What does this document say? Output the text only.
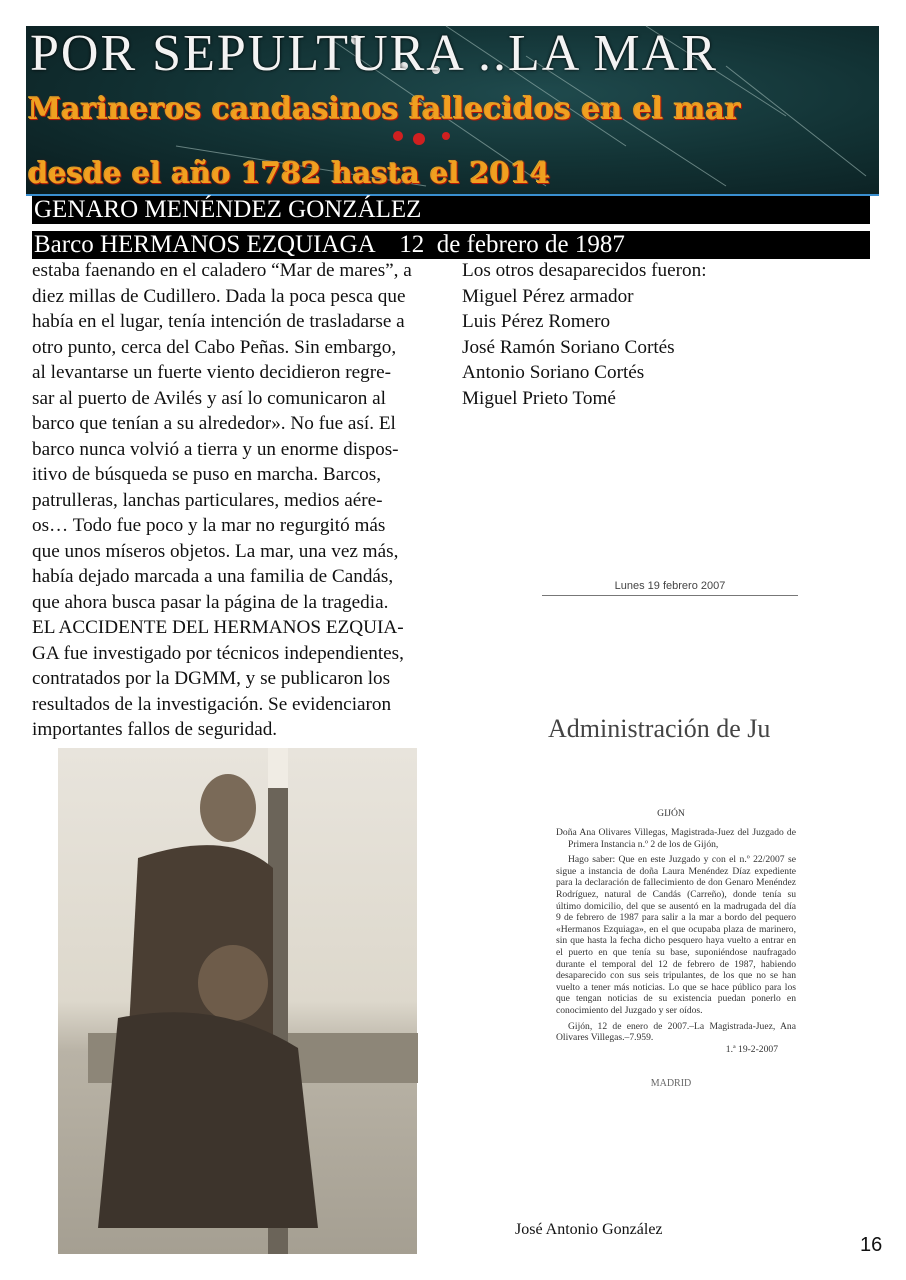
POR SEPULTURA ..LA MAR
Marineros candasinos fallecidos en el mar
desde el año 1782 hasta el 2014
GENARO MENÉNDEZ GONZÁLEZ
Barco HERMANOS EZQUIAGA    12  de febrero de 1987
estaba faenando en el caladero “Mar de mares”, a
diez millas de Cudillero. Dada la poca pesca que
había en el lugar, tenía intención de trasladarse a
otro punto, cerca del Cabo Peñas. Sin embargo,
al levantarse un fuerte viento decidieron regre-
sar al puerto de Avilés y así lo comunicaron al
barco que tenían a su alrededor». No fue así. El
barco nunca volvió a tierra y un enorme dispos-
itivo de búsqueda se puso en marcha. Barcos,
patrulleras, lanchas particulares, medios aére-
os… Todo fue poco y la mar no regurgitó más
que unos míseros objetos. La mar, una vez más,
había dejado marcada a una familia de Candás,
que ahora busca pasar la página de la tragedia.
EL ACCIDENTE DEL HERMANOS EZQUIA-
GA fue investigado por técnicos independientes,
contratados por la DGMM, y se publicaron los
resultados de la investigación. Se evidenciaron
importantes fallos de seguridad.
Los otros desaparecidos fueron:
Miguel Pérez armador
Luis Pérez Romero
José Ramón Soriano Cortés
Antonio Soriano Cortés
Miguel Prieto Tomé
Lunes 19 febrero 2007
Administración de Ju
GIJÓN
Doña Ana Olivares Villegas, Magistrada-Juez del Juzgado de Primera Instancia n.º 2 de los de Gijón,
Hago saber: Que en este Juzgado y con el n.º 22/2007 se sigue a instancia de doña Laura Menéndez Díaz expediente para la declaración de fallecimiento de don Genaro Menéndez Rodríguez, natural de Candás (Carreño), donde tenía su último domicilio, del que se ausentó en la madrugada del día 9 de febrero de 1987 para salir a la mar a bordo del pequero «Hermanos Ezquiaga», en el que ocupaba plaza de marinero, sin que hasta la fecha dicho pesquero haya vuelto a entrar en el puerto en que tenía su base, suponiéndose naufragado durante el temporal del 12 de febrero de 1987, habiendo desaparecido con sus seis tripulantes, de los que no se han vuelto a tener más noticias. Lo que se hace público para los que tengan noticias de su existencia puedan ponerlo en conocimiento del Juzgado y ser oídos.
Gijón, 12 de enero de 2007.–La Magistrada-Juez, Ana Olivares Villegas.–7.959.
1.ª 19-2-2007
MADRID
José Antonio González
16
